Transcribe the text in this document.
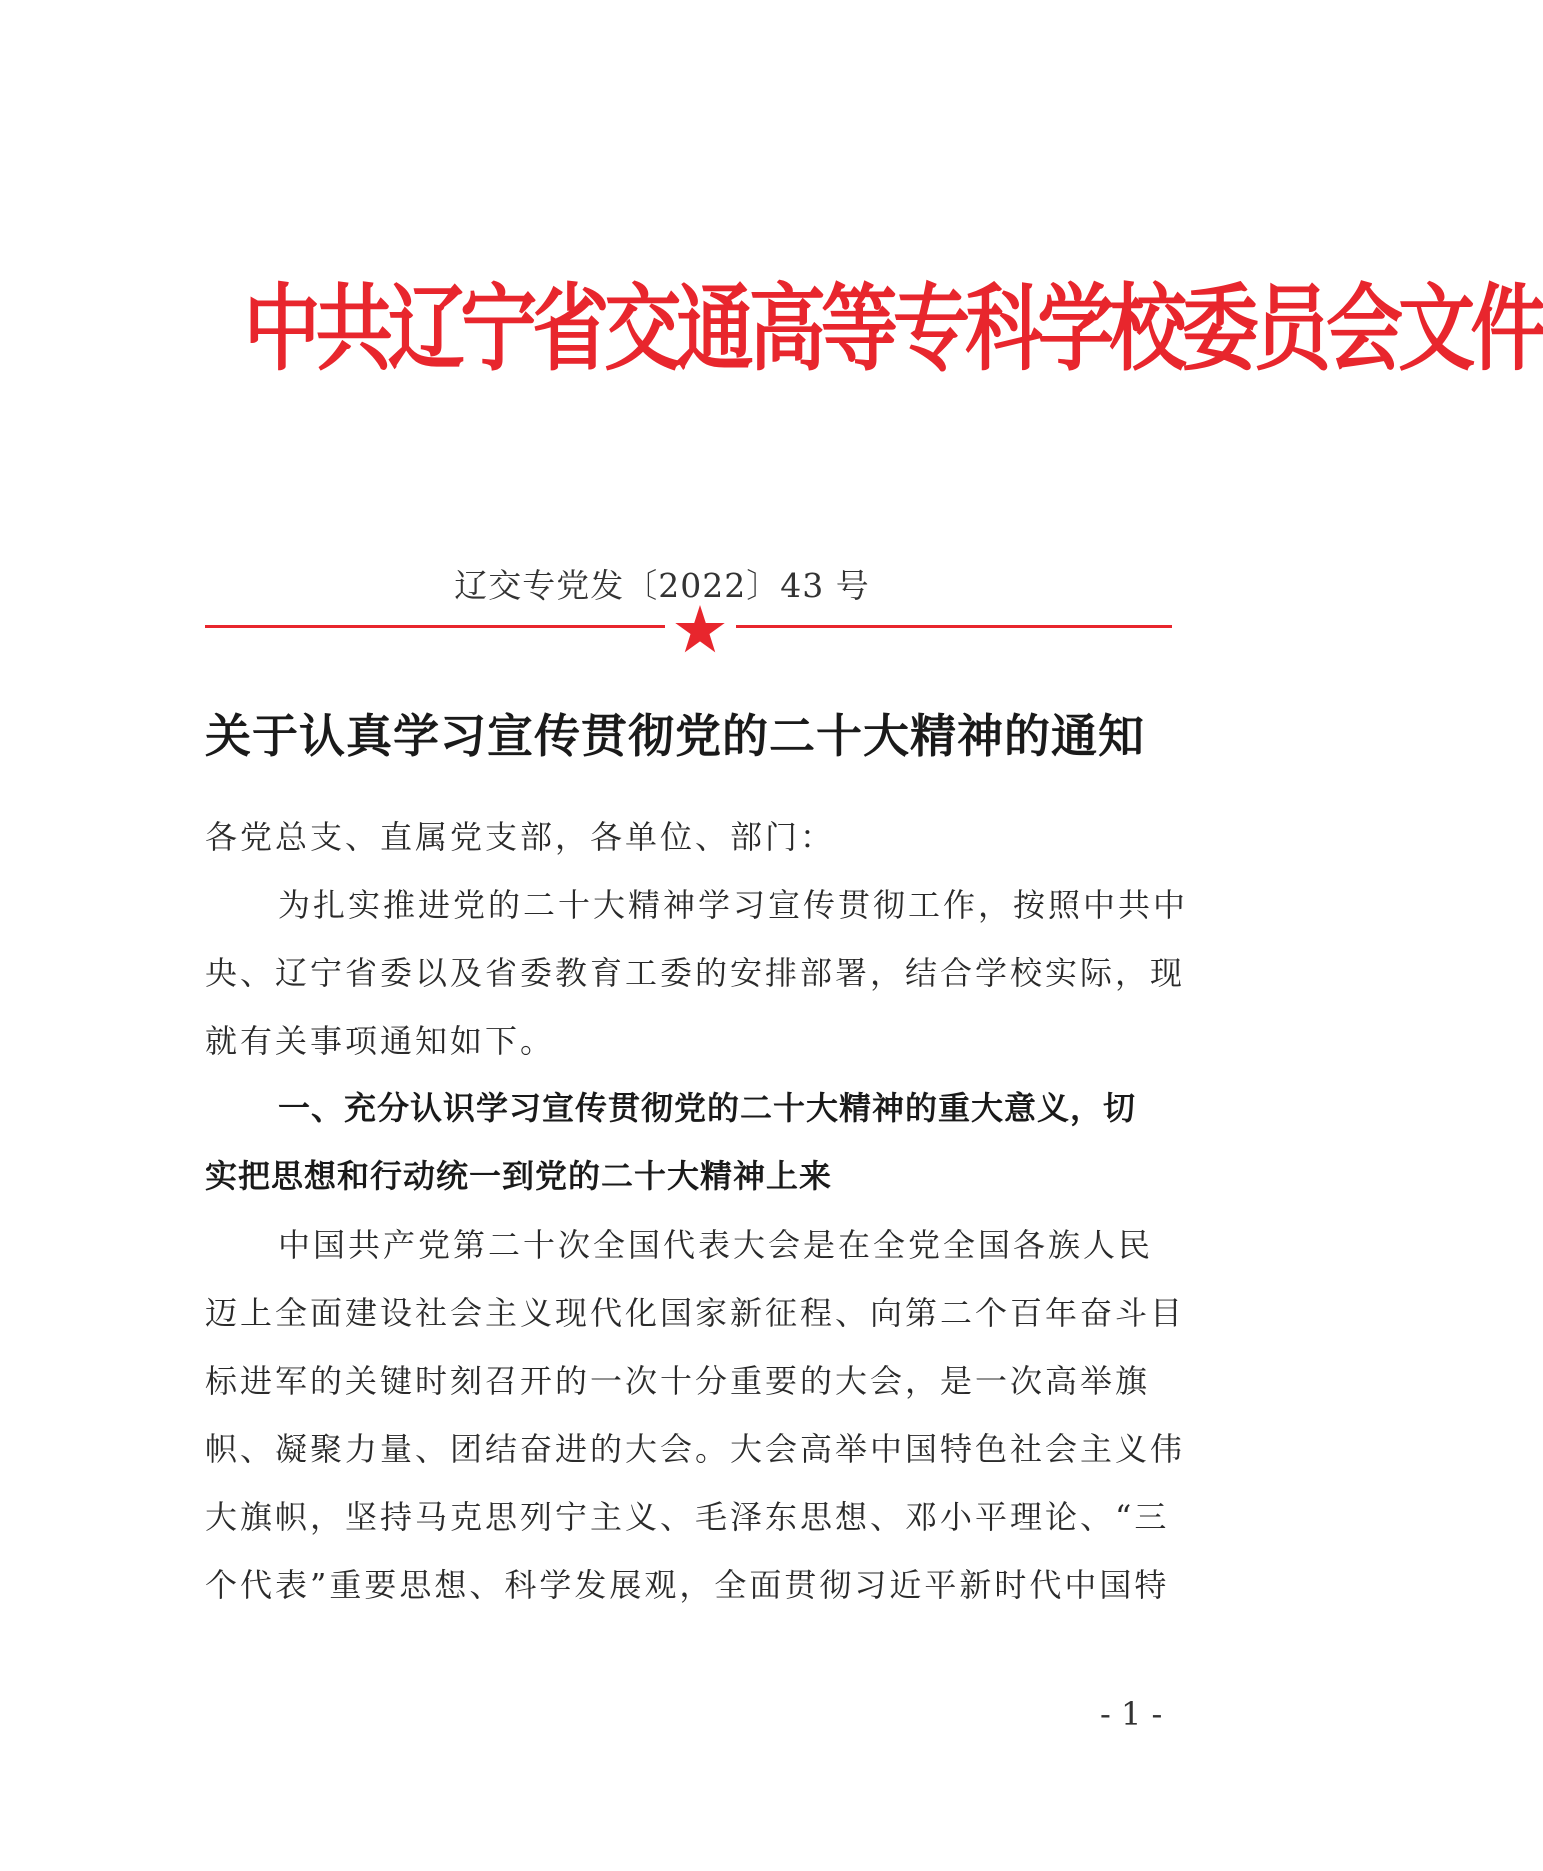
中共辽宁省交通高等专科学校委员会文件
辽交专党发〔2022〕43 号
关于认真学习宣传贯彻党的二十大精神的通知
各党总支、直属党支部，各单位、部门：
为扎实推进党的二十大精神学习宣传贯彻工作，按照中共中
央、辽宁省委以及省委教育工委的安排部署，结合学校实际，现
就有关事项通知如下。
一、充分认识学习宣传贯彻党的二十大精神的重大意义，切
实把思想和行动统一到党的二十大精神上来
中国共产党第二十次全国代表大会是在全党全国各族人民
迈上全面建设社会主义现代化国家新征程、向第二个百年奋斗目
标进军的关键时刻召开的一次十分重要的大会，是一次高举旗
帜、凝聚力量、团结奋进的大会。大会高举中国特色社会主义伟
大旗帜，坚持马克思列宁主义、毛泽东思想、邓小平理论、“三
个代表”重要思想、科学发展观，全面贯彻习近平新时代中国特
- 1 -
